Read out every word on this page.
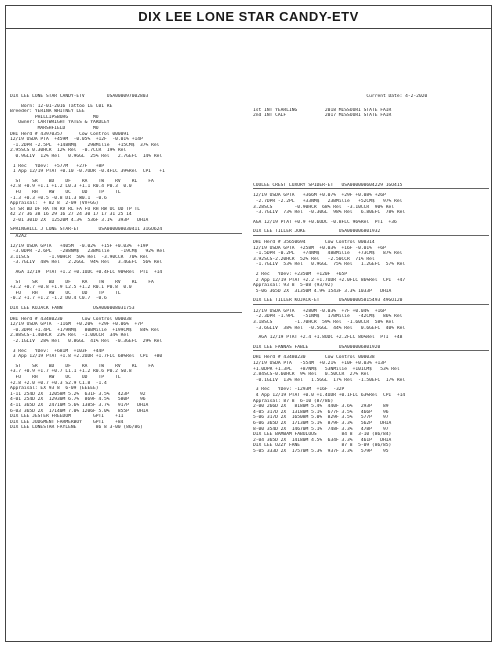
DIX LEE LONE STAR CANDY-ETV
DIX LEE LONE STAR CANDY-ETV        USA000097002803
Born: 12-01-2016 Tattoo LE C01 RE
Breeder: YERINA WHITNEY LEE
PHILLIPSBURG         MO
Owner: CARTWRIGHT YATES & YARDLEY
MARSHFIELD          MO
DHI Herd # 43970357      Cow Control 000091
12/19 USDA PTA  +459M  -0.05%  +12F  -0.01% +14P
-1.2DPR -2.5PL  +148NM$    29BMilie   +15CM$  37% Rel
2.95SCS 0.30HCR  12% Rel  -0.7CCR  19% Rel
0.9GLIV  12% Rel   0.9GGL  25% Rel   2.7GEFC  14% Rel
1 Rec   YDev:  +577M   +27F   +8P
1 App 12/19 PTAT +0.10 -0.7UDR -0.4FLC 39%Rel  CPI   +1
ST    SR    BD    DF    RA    TW    RV    RL    FA
+2.8 +0.9 +1.1 +1.2 L0.3 +1.1 R0.4 P0.3  0.0
FU    RH    RW    UC    UD    TP    TL
-1.3 +0.3 +0.5 -0.8 D1.3 W0.1  -0.6
Appraisal:  + 82 8  2-09 (VV+GG)
ST SR BD DF RA TW RV RL FA FU RH RW UC UD TP TL
42 27 36 38 16 29 16 27 24 30 17 17 31 25 14
2-01 301D 2X  12520M 4.3%  536F 3.1%  393P   DHIA
SPRINGHILL J LONE STAR-ET       USA000008030411 31GU624
A2A2
12/19 USDA GPTA   +405M  -0.02%  +15F +0.03%  +19P
-3.0DPR -2.6PL   -288NM$   23BMilie    -19CM$   92% Rel
3.11SCS       -1.90HCR  50% Rel  -3.90CCR  70% Rel
-3.7GLIV  48% Rel   2.2GGL  94% Rel   3.4GEFC  56% Rel
AGA 12/19  PTAT +1.2 +0.1UDC +0.4FLC 90%Rel  PTI  +14
ST    SR    BD    DF    RA    TW    RV    RL    FA
+3.2 +0.7 +0.8 +1.9 L2.5 +1.2 R0.1 P0.8  0.0
FU    RH    RW    UC    UD    TP    TL
-0.2 +1.7 +1.2 -1.2 D0.4 C0.7  -0.6
DIX LEE KOJACK FANN           USA000008031753
DHI Herd # 43480230       Cow Control 000038
12/19 USDA GPTA  -116M  +0.20%  +29F +0.06%  +7P
-0.3DPR +1.4PL  +179NM$   80BMilie  +199CM$   84% Rel
2.88SCS-1.40HCR  23% Rel  -1.00CCR  34% Rel
-2.1GLIV  28% Rel   0.8GGL  41% Rel  -0.3GEFC  29% Rel
3 Rec   YDev:  +681M  +103F  +44P
3 App 12/19 PTAT +1.8 +2.2UDR +1.7FLC 68%Rel  CPI  +80
ST    SR    BD    DF    RA    TW    RV    RL    FA
+3.7 +0.9 +1.7 +0.7 L1.1 +1.2 R0.6 P0.2 S0.8
FU    RH    RW    UC    UD    TP    TL
+2.8 +2.0 +0.7 +0.3 S2.9 C1.8  -1.4
Appraisal: EX 93 8  6-09 (EEEEE)
1-11 254D 2X  12058M 5.2%  631F 3.5%   423P    92
4-01 254D 2X  12930M 6.7%  869F 4.5%   580P    96
4-11 365D 2X  24710M 5.6% 1385F 3.7%   917P   DHIA
6-03 365D 2X  17140M 7.0% 1206F 5.0%   855P   DHIA
DIX LEE JESTER FREEDOM        GPTI    +11
DIX LEE JUDGMENT FARMERBOY    GPTI    +84
DIX LEE LONESTAR FAYLENE       86 8 3-00 (86/86)
Current Date: 4-2-2020
1st INT YEARLING          2018 MISSOURI STATE FAIR
2nd INT CALF              2017 MISSOURI STATE FAIR
COULEE CREST LUXURY SPIDER-ET   USA000000604229 1GO415
12/19 USDA GPTA   +366M +0.07%  +29F +0.08% +26P
-2.7DPR -2.2PL   +33NM$   23BMilie   +52CM$   97% Rel
3.28SCS        -0.90HCR  68% Rel  -3.10CCR  90% Rel
-3.7GLIV  73% Rel  -0.30GL  98% Rel   6.80EFC  78% Rel
AGA 12/19 PTAT +0.9 +0.6UDC -0.8FLC 96%Rel  PTI  +36
DIX LEE TILLER JOKE            USA000006801932
DHI Herd # 35650694       Cow Control 000314
12/19 USDA GPTA  +258M  +0.03%  +16F -0.01%  +6P
-1.5DPR -0.2PL   +74NM$   48BMilie   +73CM$   87% Rel
3.92SCS-2.20HCR  52% Rel   -2.50CCR  71% Rel
-1.7GLIV  53% Rel   0.9GGL  75% Rel   1.2GEFC  57% Rel
2 Rec   YDev: +2350M  +120F  +65P
2 App 12/19 PTAT +2.2 +1.7UDR +2.0FLC 86%Rel  CPI  +47
Appraisal: 93 8  5-08 (93/92)
5-06 365D 2X  31350M 4.9% 1543F 3.3% 1033P   DHIA
DIX LEE TILLER KOJACK-ET       USA000005815493 49GO120
12/19 USDA GPTA   +280M -0.03%  +7F +0.04%  +16P
-2.3DPR -1.9PL   -51NM$   17BMilie   -42CM$   86% Rel
3.18SCS        -1.70HCR  59% Rel  -1.60CCR  58% Rel
-3.6GLIV  38% Rel  -0.5GGL  44% Rel   0.6GEFC  40% Rel
AGA 12/19 PTAT +2.4 +1.8UDC +2.2FLC 86%Rel  PTI  +48
DIX LEE FANNAS FABLE           USA000006801920
DHI Herd # 43480230       Cow Control 000038
12/19 USDA PTA   -554M  +0.21%  +10F +0.03% +13P
+1.0DPR +1.3PL   +87NM$   53NMilie  +101CM$   53% Rel
2.84SCS-0.60HCR  9% Rel   0.50CCR  27% Rel
-0.1GLIV  13% Rel   1.5GGL  17% Rel  -1.50EFC  17% Rel
3 Rec   YDev: -1293M  +16F  -32P
4 App 12/19 PTAT +0.0 +1.4UDR +0.1FLC 63%Rel  CPI  +14
Appraisal: 87 8  6-10 (87/86)
2-00 266D 2X   8180M 5.4%  440F 3.6%   293P    89
4-05 317D 2X  13180M 5.1%  677F 3.5%   466P    96
5-06 317D 2X  16508M 5.0%  829F 3.5%   577P    97
6-06 365D 2X  17130M 5.1%  879F 3.3%   562P   DHIA
8-00 354D 2X  14670M 5.1%  748F 3.3%   478P    97
DIX LEE BAMBAM FABULOUS         84 8  3-10 (86/84)
2-04 365D 2X  14180M 4.5%  634F 3.3%   461P   DHIA
DIX LEE OZZY FANE               87 8  5-09 (86/85)
5-05 333D 2X  17570M 5.3%  937F 3.3%   579P    95
